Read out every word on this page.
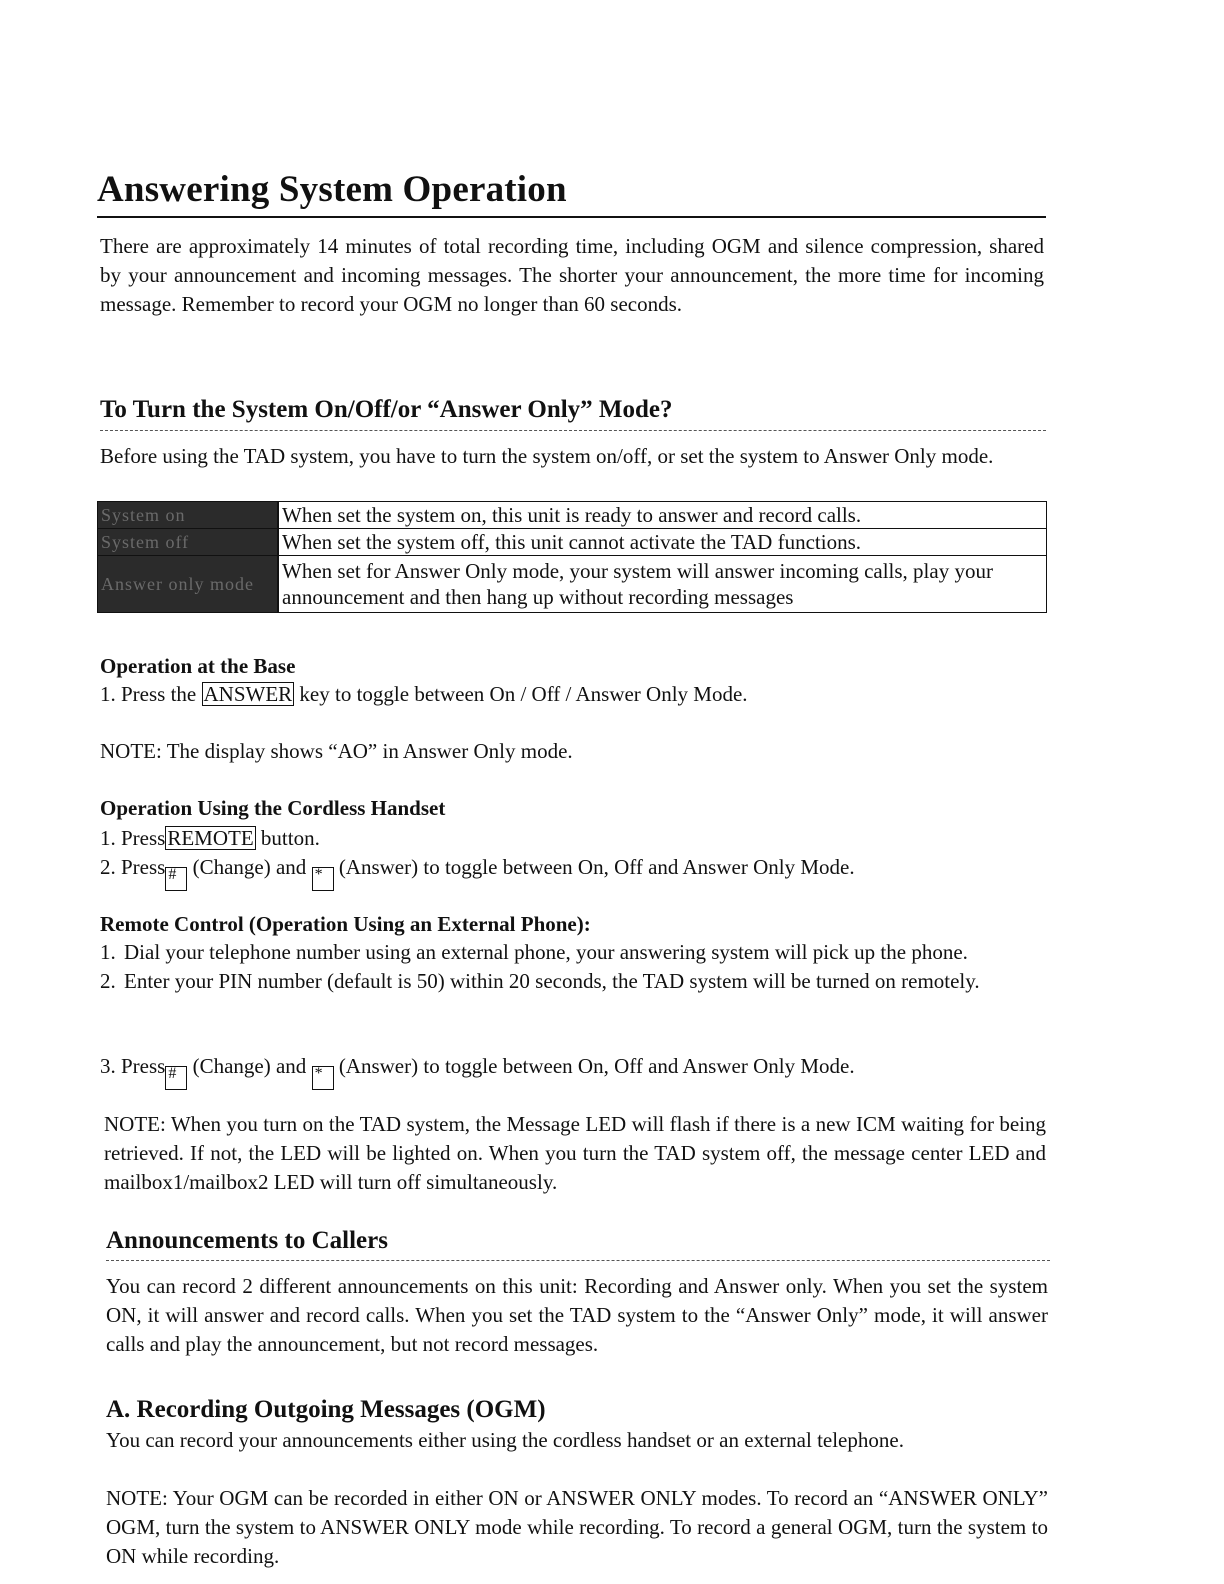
Answering System Operation
There are approximately 14 minutes of total recording time, including OGM and silence compression, shared by your announcement and incoming messages. The shorter your announcement, the more time for incoming message. Remember to record your OGM no longer than 60 seconds.
To Turn the System On/Off/or “Answer Only” Mode?
Before using the TAD system, you have to turn the system on/off, or set the system to Answer Only mode.
System on	When set the system on, this unit is ready to answer and record calls.
System off	When set the system off, this unit cannot activate the TAD functions.
Answer only mode	When set for Answer Only mode, your system will answer incoming calls, play your announcement and then hang up without recording messages
Operation at the Base
1. Press the ANSWER key to toggle between On / Off / Answer Only Mode.
NOTE: The display shows “AO” in Answer Only mode.
Operation Using the Cordless Handset
1. PressREMOTE button.
2. Press # (Change) and * (Answer) to toggle between On, Off and Answer Only Mode.
Remote Control (Operation Using an External Phone):
1. Dial your telephone number using an external phone, your answering system will pick up the phone.
2. Enter your PIN number (default is 50) within 20 seconds, the TAD system will be turned on remotely.
3. Press # (Change) and * (Answer) to toggle between On, Off and Answer Only Mode.
NOTE: When you turn on the TAD system, the Message LED will flash if there is a new ICM waiting for being retrieved. If not, the LED will be lighted on. When you turn the TAD system off, the message center LED and mailbox1/mailbox2 LED will turn off simultaneously.
Announcements to Callers
You can record 2 different announcements on this unit: Recording and Answer only. When you set the system ON, it will answer and record calls. When you set the TAD system to the “Answer Only” mode, it will answer calls and play the announcement, but not record messages.
A. Recording Outgoing Messages (OGM)
You can record your announcements either using the cordless handset or an external telephone.
NOTE: Your OGM can be recorded in either ON or ANSWER ONLY modes. To record an “ANSWER ONLY” OGM, turn the system to ANSWER ONLY mode while recording. To record a general OGM, turn the system to ON while recording.
